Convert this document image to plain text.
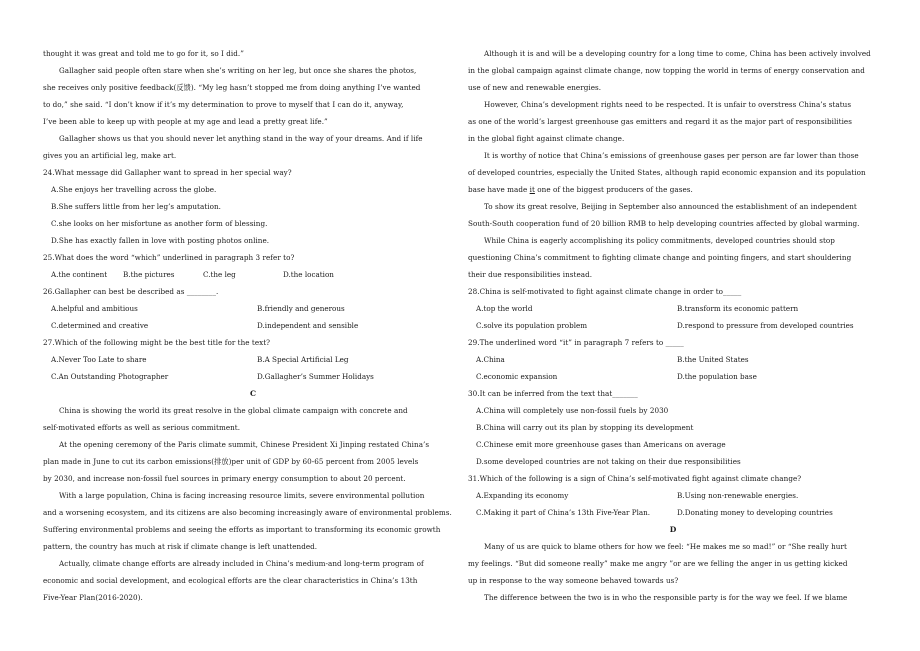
thought it was great and told me to go for it, so I did.”
Gallagher said people often stare when she’s writing on her leg, but once she shares the photos,
she receives only positive feedback(反馈). “My leg hasn’t stopped me from doing anything I’ve wanted
to do,” she said. “I don’t know if it’s my determination to prove to myself that I can do it, anyway,
I’ve been able to keep up with people at my age and lead a pretty great life.”
Gallagher shows us that you should never let anything stand in the way of your dreams. And if life
gives you an artificial leg, make art.
24.What message did Gallapher want to spread in her special way?
A.She enjoys her travelling across the globe.
B.She suffers little from her leg’s amputation.
C.she looks on her misfortune as another form of blessing.
D.She has exactly fallen in love with posting photos online.
25.What does the word “which” underlined in paragraph 3 refer to?
A.the continent	B.the pictures	C.the leg	D.the location
26.Gallapher can best be described as ________.
A.helpful and ambitious	B.friendly and generous
C.determined and creative	D.independent and sensible
27.Which of the following might be the best title for the text?
A.Never Too Late to share	B.A Special Artificial Leg
C.An Outstanding Photographer	D.Gallagher’s Summer Holidays
C
China is showing the world its great resolve in the global climate campaign with concrete and
self-motivated efforts as well as serious commitment.
At the opening ceremony of the Paris climate summit, Chinese President Xi Jinping restated China’s
plan made in June to cut its carbon emissions(排放)per unit of GDP by 60-65 percent from 2005 levels
by 2030, and increase non-fossil fuel sources in primary energy consumption to about 20 percent.
With a large population, China is facing increasing resource limits, severe environmental pollution
and a worsening ecosystem, and its citizens are also becoming increasingly aware of environmental problems.
Suffering environmental problems and seeing the efforts as important to transforming its economic growth
pattern, the country has much at risk if climate change is left unattended.
Actually, climate change efforts are already included in China’s medium-and long-term program of
economic and social development, and ecological efforts are the clear characteristics in China’s 13th
Five-Year Plan(2016-2020).
Although it is and will be a developing country for a long time to come, China has been actively involved
in the global campaign against climate change, now topping the world in terms of energy conservation and
use of new and renewable energies.
However, China’s development rights need to be respected. It is unfair to overstress China’s status
as one of the world’s largest greenhouse gas emitters and regard it as the major part of responsibilities
in the global fight against climate change.
It is worthy of notice that China’s emissions of greenhouse gases per person are far lower than those
of developed countries, especially the United States, although rapid economic expansion and its population
base have made it one of the biggest producers of the gases.
To show its great resolve, Beijing in September also announced the establishment of an independent
South-South cooperation fund of 20 billion RMB to help developing countries affected by global warming.
While China is eagerly accomplishing its policy commitments, developed countries should stop
questioning China’s commitment to fighting climate change and pointing fingers, and start shouldering
their due responsibilities instead.
28.China is self-motivated to fight against climate change in order to_____
A.top the world	B.transform its economic pattern
C.solve its population problem	D.respond to pressure from developed countries
29.The underlined word “it” in paragraph 7 refers to _____
A.China	B.the United States
C.economic expansion	D.the population base
30.It can be inferred from the text that_______
A.China will completely use non-fossil fuels by 2030
B.China will carry out its plan by stopping its development
C.Chinese emit more greenhouse gases than Americans on average
D.some developed countries are not taking on their due responsibilities
31.Which of the following is a sign of China’s self-motivated fight against climate change?
A.Expanding its economy	B.Using non-renewable energies.
C.Making it part of China’s 13th Five-Year Plan.	D.Donating money to developing countries
D
Many of us are quick to blame others for how we feel: “He makes me so mad!” or “She really hurt
my feelings. “But did someone really” make me angry ”or are we felling the anger in us getting kicked
up in response to the way someone behaved towards us?
The difference between the two is in who the responsible party is for the way we feel. If we blame
